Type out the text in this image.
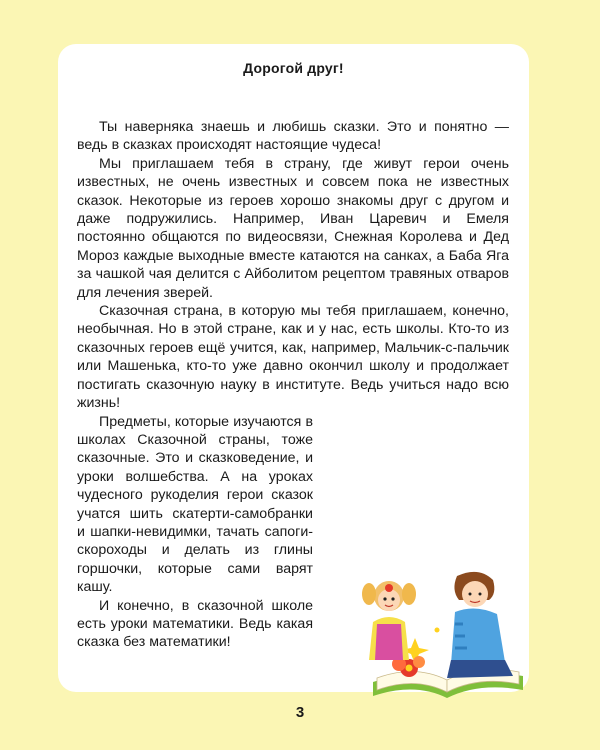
Дорогой друг!

Ты наверняка знаешь и любишь сказки. Это и понятно — ведь в сказках происходят настоящие чудеса!

Мы приглашаем тебя в страну, где живут герои очень известных, не очень известных и совсем пока не известных сказок. Некоторые из героев хорошо знакомы друг с другом и даже подружились. Например, Иван Царевич и Емеля постоянно общаются по видеосвязи, Снежная Королева и Дед Мороз каждые выходные вместе катаются на санках, а Баба Яга за чашкой чая делится с Айболитом рецептом травяных отваров для лечения зверей.

Сказочная страна, в которую мы тебя приглашаем, конечно, необычная. Но в этой стране, как и у нас, есть школы. Кто-то из сказочных героев ещё учится, как, например, Мальчик-с-пальчик или Машенька, кто-то уже давно окончил школу и продолжает постигать сказочную науку в институте. Ведь учиться надо всю жизнь!

Предметы, которые изучаются в школах Сказочной страны, тоже сказочные. Это и сказковедение, и уроки волшебства. А на уроках чудесного рукоделия герои сказок учатся шить скатерти-самобранки и шапки-невидимки, тачать сапоги-скороходы и делать из глины горшочки, которые сами варят кашу.

И конечно, в сказочной школе есть уроки математики. Ведь какая сказка без математики!

3
